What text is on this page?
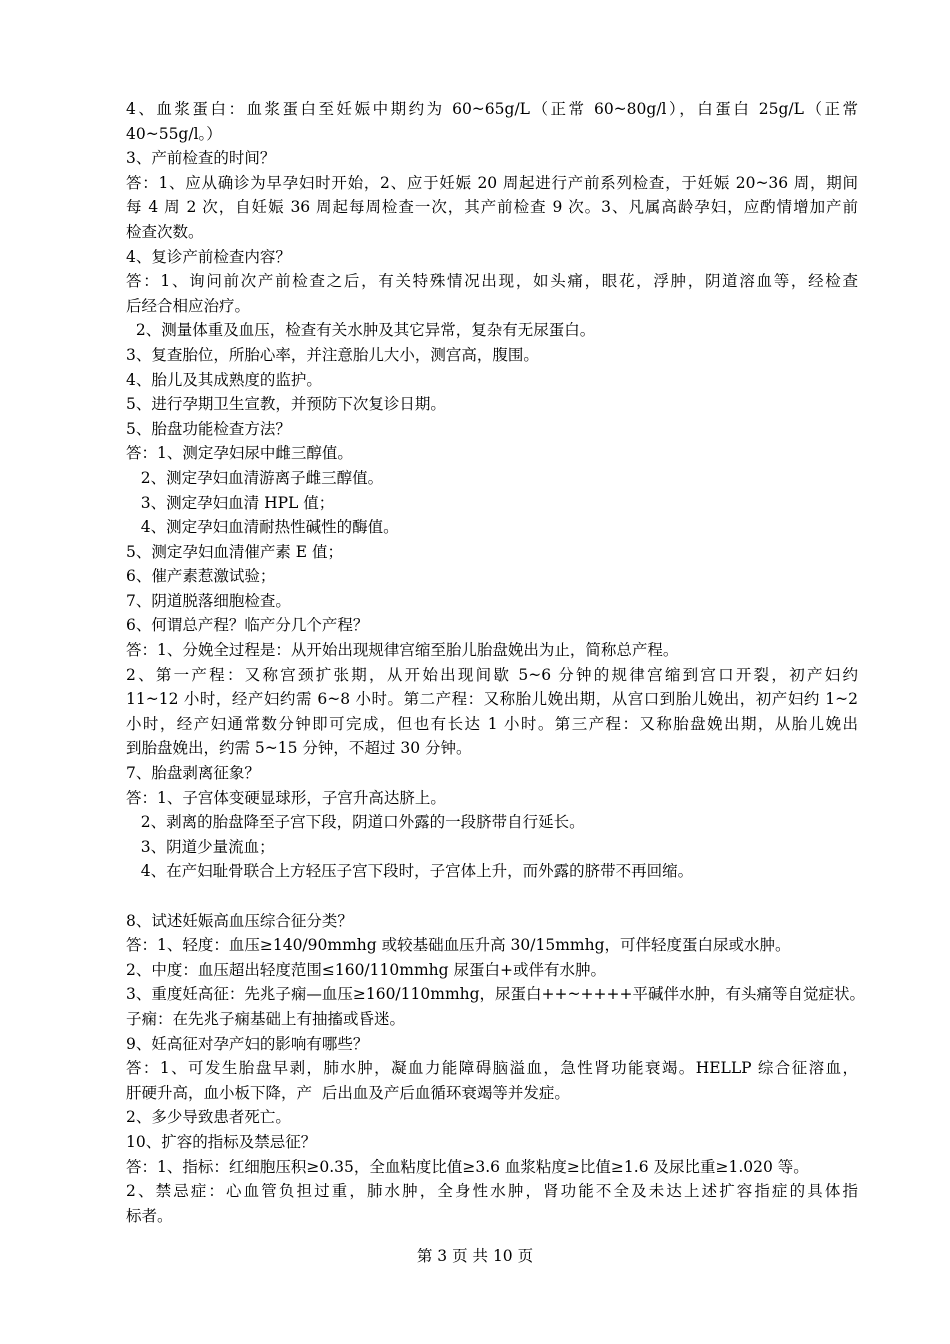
4、血浆蛋白：血浆蛋白至妊娠中期约为 60~65g/L（正常 60~80g/l），白蛋白 25g/L（正常
40~55g/l。）
3、产前检查的时间？
答：1、应从确诊为早孕妇时开始，2、应于妊娠 20 周起进行产前系列检查，于妊娠 20~36 周，期间
每 4 周 2 次，自妊娠 36 周起每周检查一次，其产前检查 9 次。3、凡属高龄孕妇，应酌情增加产前
检查次数。
4、复诊产前检查内容？
答：1、询问前次产前检查之后，有关特殊情况出现，如头痛，眼花，浮肿，阴道溶血等，经检查
后经合相应治疗。
2、测量体重及血压，检查有关水肿及其它异常，复杂有无尿蛋白。
3、复查胎位，所胎心率，并注意胎儿大小，测宫高，腹围。
4、胎儿及其成熟度的监护。
5、进行孕期卫生宣教，并预防下次复诊日期。
5、胎盘功能检查方法？
答：1、测定孕妇尿中雌三醇值。
2、测定孕妇血清游离子雌三醇值。
3、测定孕妇血清 HPL 值；
4、测定孕妇血清耐热性碱性的酶值。
5、测定孕妇血清催产素 E 值；
6、催产素惹激试验；
7、阴道脱落细胞检查。
6、何谓总产程？临产分几个产程？
答：1、分娩全过程是：从开始出现规律宫缩至胎儿胎盘娩出为止，简称总产程。
2、第一产程：又称宫颈扩张期，从开始出现间歇 5~6 分钟的规律宫缩到宫口开裂，初产妇约
11~12 小时，经产妇约需 6~8 小时。第二产程：又称胎儿娩出期，从宫口到胎儿娩出，初产妇约 1~2
小时，经产妇通常数分钟即可完成，但也有长达 1 小时。第三产程：又称胎盘娩出期，从胎儿娩出
到胎盘娩出，约需 5~15 分钟，不超过 30 分钟。
7、胎盘剥离征象？
答：1、子宫体变硬显球形，子宫升高达脐上。
2、剥离的胎盘降至子宫下段，阴道口外露的一段脐带自行延长。
3、阴道少量流血；
4、在产妇耻骨联合上方轻压子宫下段时，子宫体上升，而外露的脐带不再回缩。
8、试述妊娠高血压综合征分类？
答：1、轻度：血压≥140/90mmhg 或较基础血压升高 30/15mmhg，可伴轻度蛋白尿或水肿。
2、中度：血压超出轻度范围≤160/110mmhg 尿蛋白+或伴有水肿。
3、重度妊高征：先兆子痫—血压≥160/110mmhg，尿蛋白++~++++平碱伴水肿，有头痛等自觉症状。
子痫：在先兆子痫基础上有抽搐或昏迷。
9、妊高征对孕产妇的影响有哪些？
答：1、可发生胎盘早剥，肺水肿，凝血力能障碍脑溢血，急性肾功能衰竭。HELLP 综合征溶血，
肝硬升高，血小板下降，产  后出血及产后血循环衰竭等并发症。
2、多少导致患者死亡。
10、扩容的指标及禁忌征？
答：1、指标：红细胞压积≥0.35，全血粘度比值≥3.6 血浆粘度≥比值≥1.6 及尿比重≥1.020 等。
2、禁忌症：心血管负担过重，肺水肿，全身性水肿，肾功能不全及未达上述扩容指症的具体指
标者。
第 3 页 共 10 页
